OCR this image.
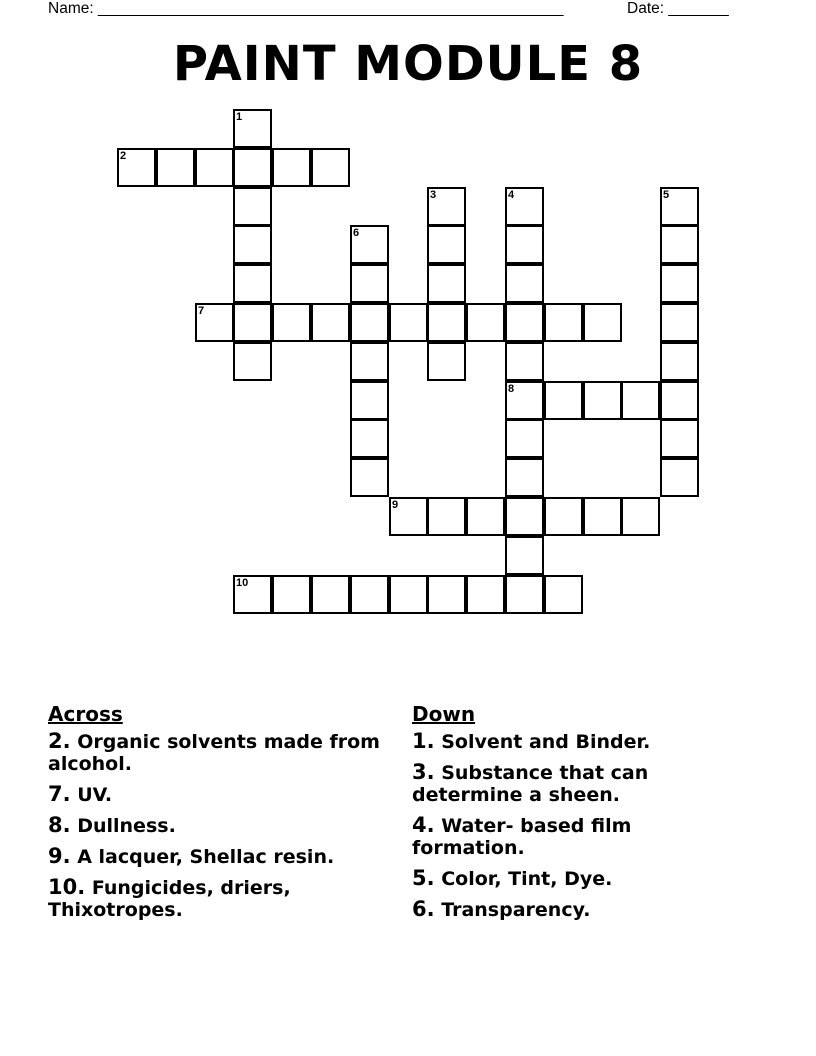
Name: ______________________________________________________	Date: _______
PAINT MODULE 8
1
2
3	4
8
5
6
7
9
10
Across
2. Organic solvents made from alcohol.
7. UV.
8. Dullness.
9. A lacquer, Shellac resin.
10. Fungicides, driers, Thixotropes.
Down
1. Solvent and Binder.
3. Substance that can determine a sheen.
4. Water- based film formation.
5. Color, Tint, Dye.
6. Transparency.
